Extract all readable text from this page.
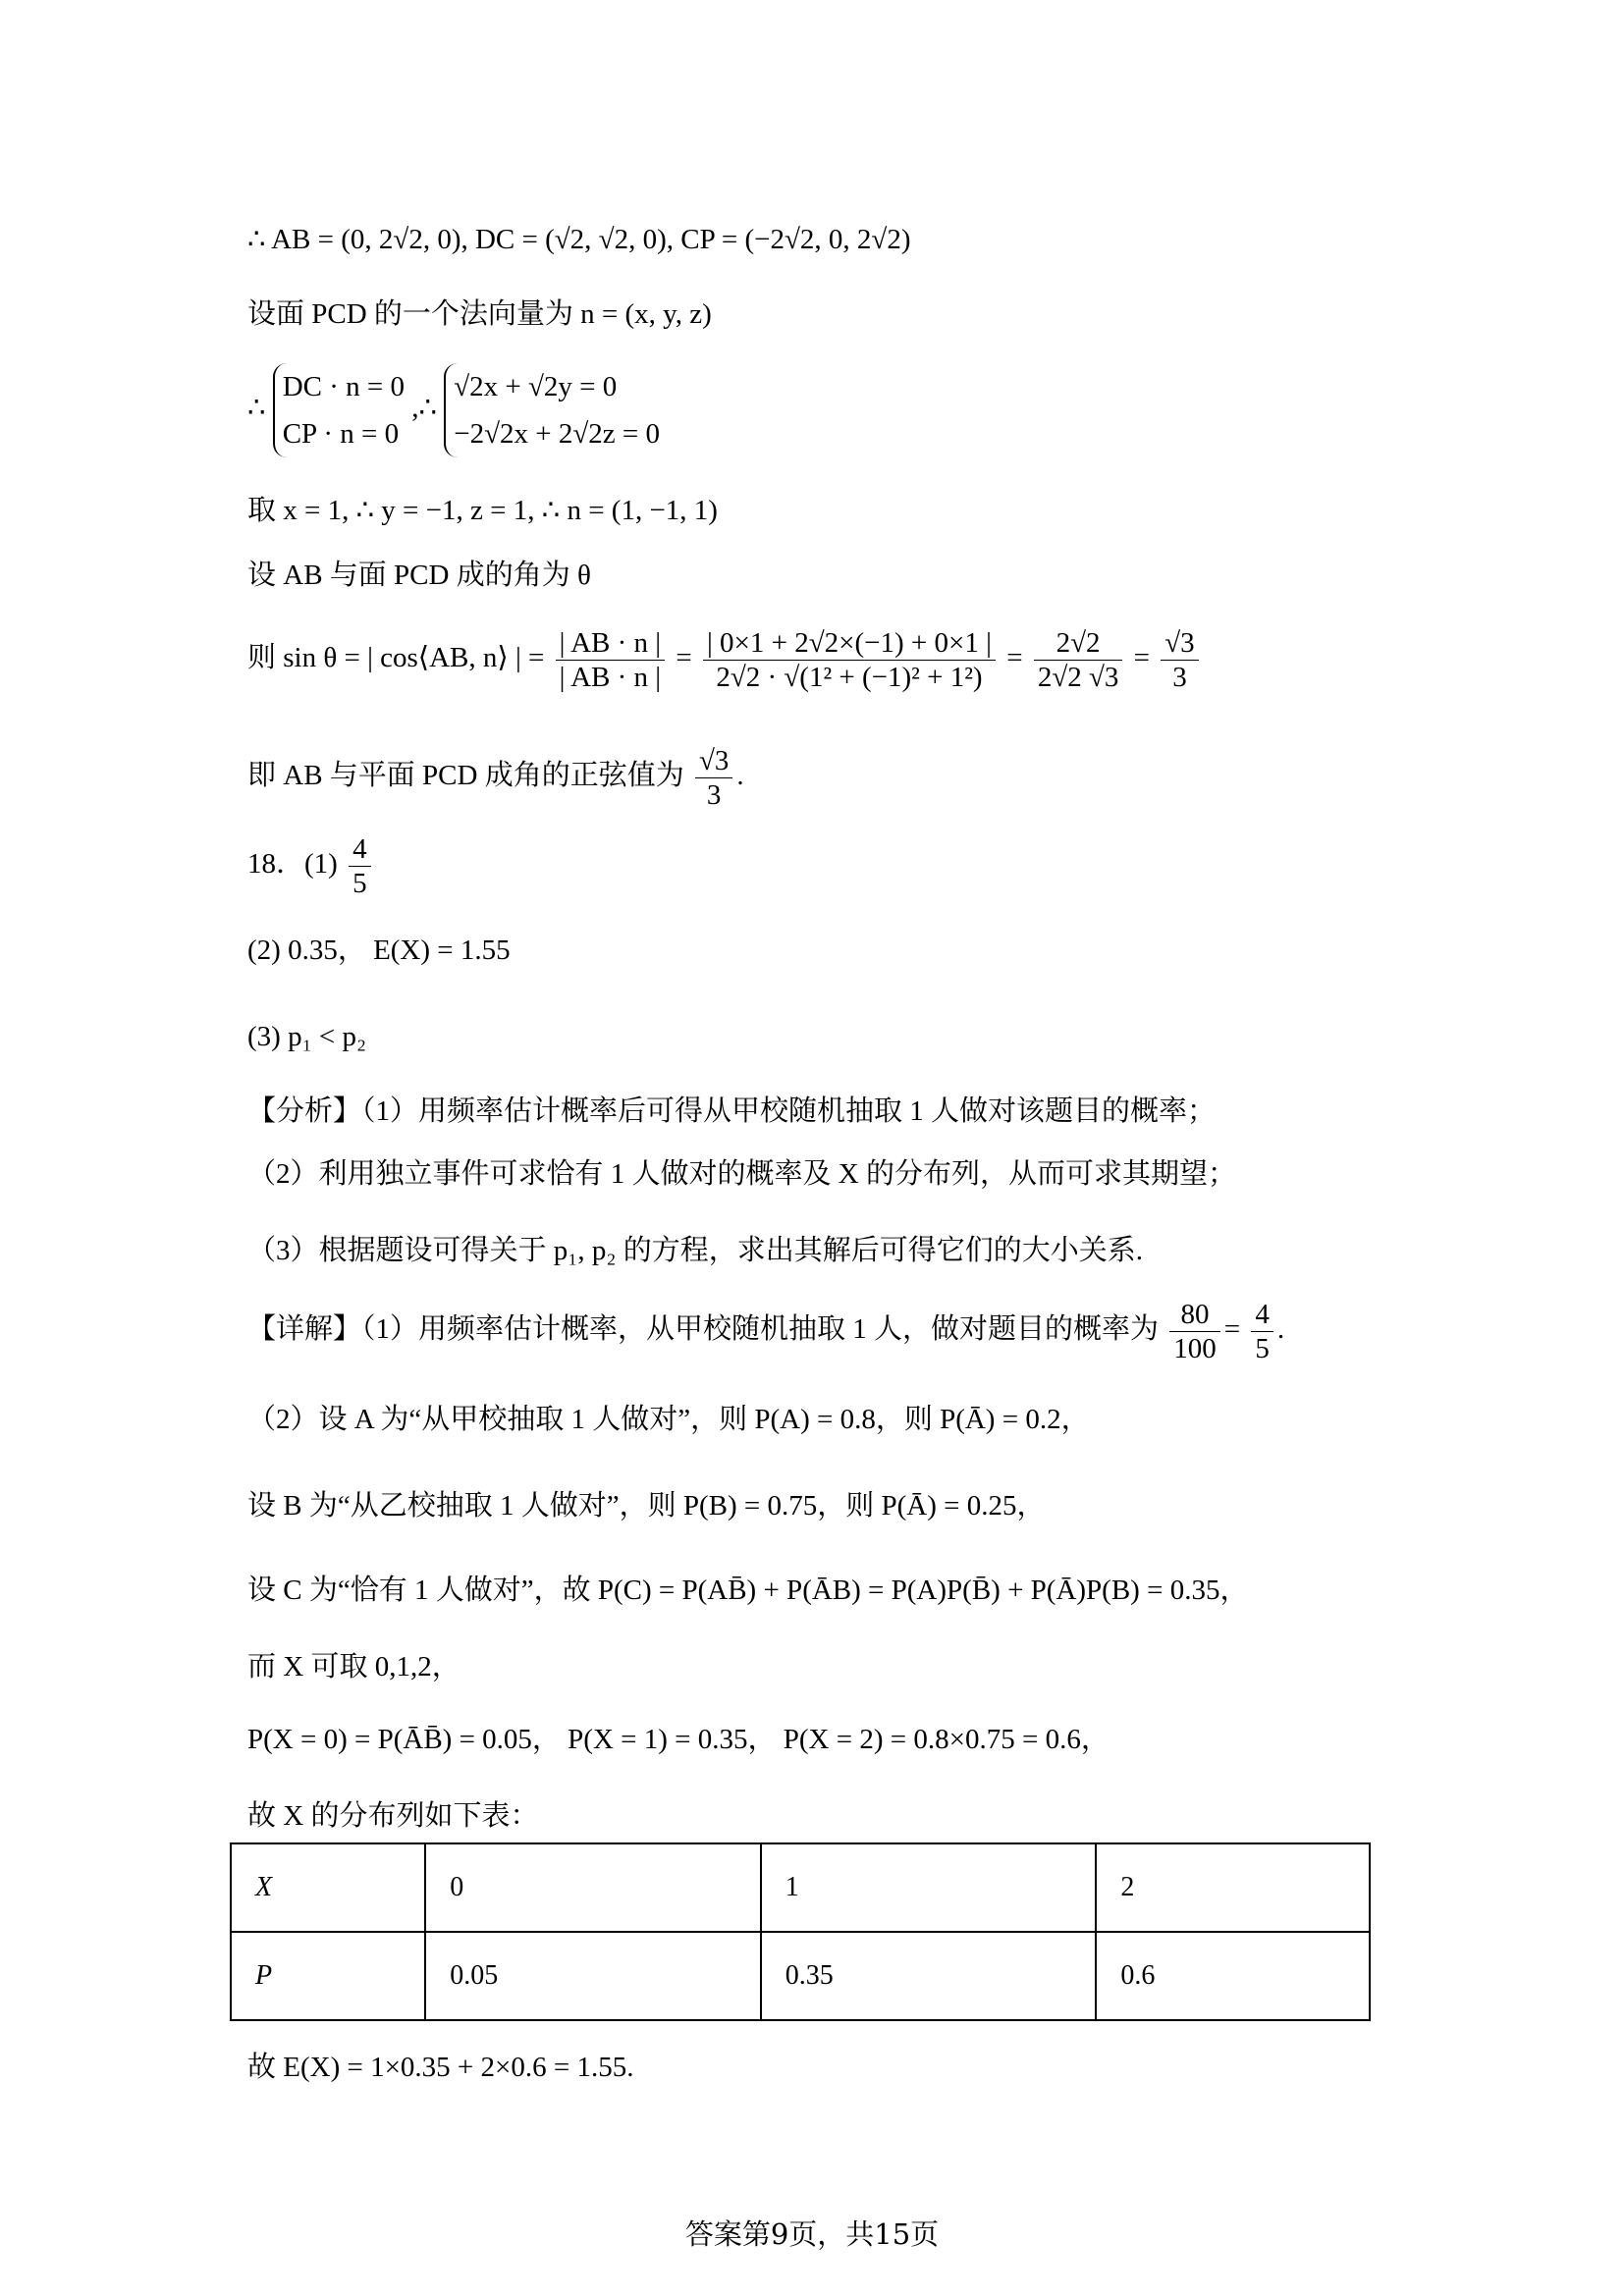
∴ AB = (0, 2√2, 0), DC = (√2, √2, 0), CP = (−2√2, 0, 2√2)
设面 PCD 的一个法向量为 n = (x, y, z)
∴
DC · n = 0
CP · n = 0
,∴
√2x + √2y = 0
−2√2x + 2√2z = 0
取 x = 1, ∴ y = −1, z = 1, ∴ n = (1, −1, 1)
设 AB 与面 PCD 成的角为 θ
则 sin θ = | cos⟨AB, n⟩ | = $\frac{| AB \cdot n |}{| AB \cdot n |} = \frac{| 0\times 1 + 2√2\times(-1) + 0\times 1 |}{\text{2√2 · √(1² + (−1)² + 1²)}} = \frac{2√2}{2√2 √3} = \frac{√3}{3}$
即 AB 与平面 PCD 成角的正弦值为 $\frac{√3}{3}$ .
18．$(1) \frac{4}{5}$
(2) 0.35， E(X) = 1.55
(3) p₁ < p₂
【分析】（1）用频率估计概率后可得从甲校随机抽取 1 人做对该题目的概率；
（2）利用独立事件可求恰有 1 人做对的概率及 X 的分布列，从而可求其期望；
（3）根据题设可得关于 p₁, p₂ 的方程，求出其解后可得它们的大小关系.
【详解】（1）用频率估计概率，从甲校随机抽取 1 人，做对题目的概率为 $\frac{80}{100} = \frac{4}{5}$ .
（2）设 A 为“从甲校抽取 1 人做对”，则 P(A) = 0.8，则 P(Ā) = 0.2，
设 B 为“从乙校抽取 1 人做对”，则 P(B) = 0.75，则 P(Ā) = 0.25，
设 C 为“恰有 1 人做对”，故 P(C) = P(AB̄) + P(ĀB) = P(A)P(B̄) + P(Ā)P(B) = 0.35，
而 X 可取 0,1,2，
P(X = 0) = P(ĀB̄) = 0.05， P(X = 1) = 0.35， P(X = 2) = 0.8×0.75 = 0.6，
故 X 的分布列如下表：
X	0	1	2
P	0.05	0.35	0.6
故 E(X) = 1×0.35 + 2×0.6 = 1.55.
答案第9页，共15页
